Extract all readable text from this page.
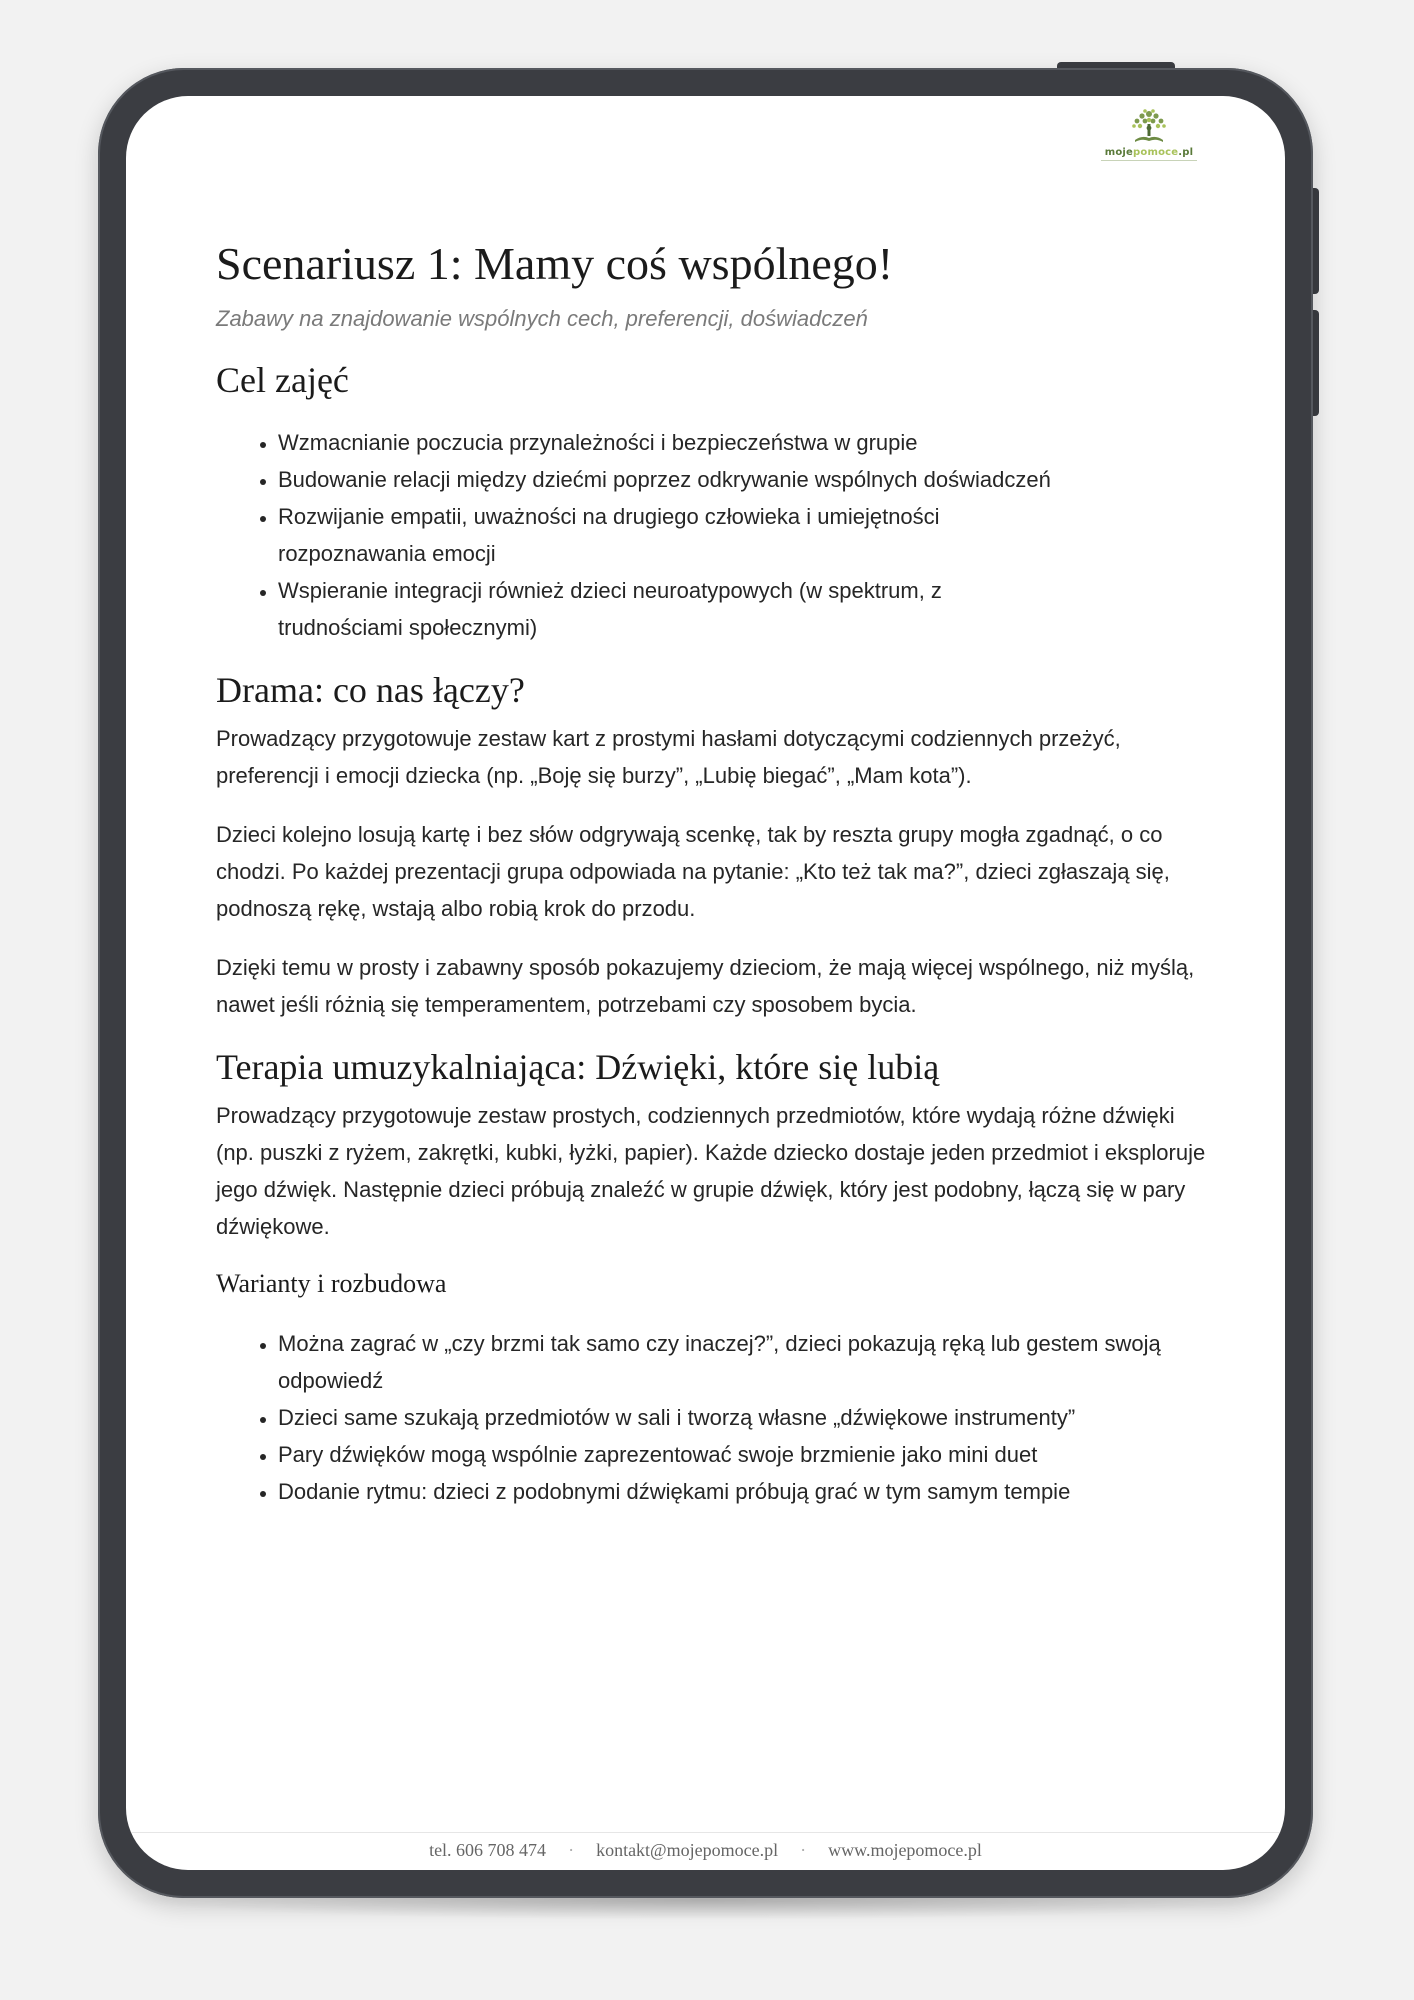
mojepomoce.pl
Scenariusz 1: Mamy coś wspólnego!
Zabawy na znajdowanie wspólnych cech, preferencji, doświadczeń
Cel zajęć
• Wzmacnianie poczucia przynależności i bezpieczeństwa w grupie
• Budowanie relacji między dziećmi poprzez odkrywanie wspólnych doświadczeń
• Rozwijanie empatii, uważności na drugiego człowieka i umiejętności rozpoznawania emocji
• Wspieranie integracji również dzieci neuroatypowych (w spektrum, z trudnościami społecznymi)
Drama: co nas łączy?

Prowadzący przygotowuje zestaw kart z prostymi hasłami dotyczącymi codziennych przeżyć, preferencji i emocji dziecka (np. „Boję się burzy”, „Lubię biegać”, „Mam kota”).

Dzieci kolejno losują kartę i bez słów odgrywają scenkę, tak by reszta grupy mogła zgadnąć, o co chodzi. Po każdej prezentacji grupa odpowiada na pytanie: „Kto też tak ma?”, dzieci zgłaszają się, podnoszą rękę, wstają albo robią krok do przodu.

Dzięki temu w prosty i zabawny sposób pokazujemy dzieciom, że mają więcej wspólnego, niż myślą, nawet jeśli różnią się temperamentem, potrzebami czy sposobem bycia.

Terapia umuzykalniająca: Dźwięki, które się lubią

Prowadzący przygotowuje zestaw prostych, codziennych przedmiotów, które wydają różne dźwięki (np. puszki z ryżem, zakrętki, kubki, łyżki, papier). Każde dziecko dostaje jeden przedmiot i eksploruje jego dźwięk. Następnie dzieci próbują znaleźć w grupie dźwięk, który jest podobny, łączą się w pary dźwiękowe.

Warianty i rozbudowa
• Można zagrać w „czy brzmi tak samo czy inaczej?”, dzieci pokazują ręką lub gestem swoją odpowiedź
• Dzieci same szukają przedmiotów w sali i tworzą własne „dźwiękowe instrumenty”
• Pary dźwięków mogą wspólnie zaprezentować swoje brzmienie jako mini duet
• Dodanie rytmu: dzieci z podobnymi dźwiękami próbują grać w tym samym tempie
tel. 606 708 474 · kontakt@mojepomoce.pl · www.mojepomoce.pl
